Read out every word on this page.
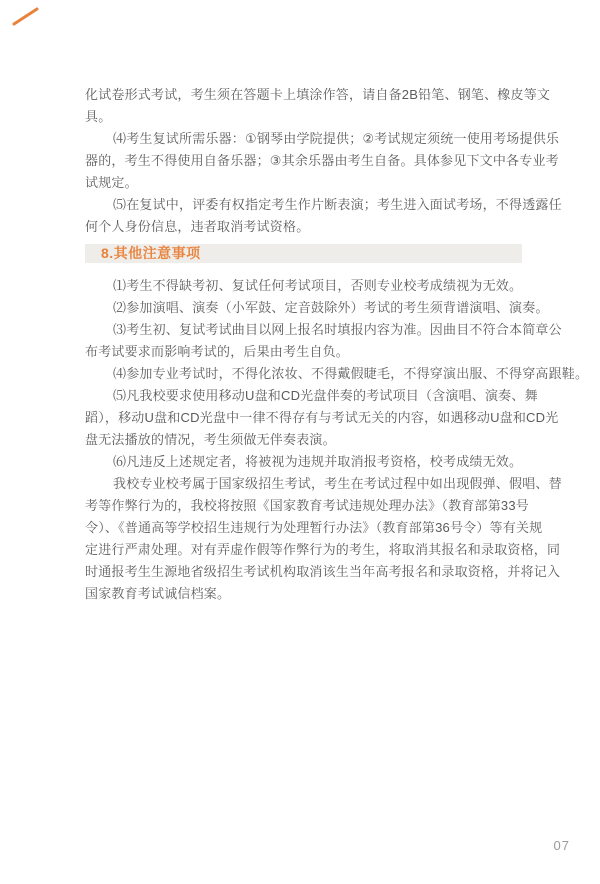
化试卷形式考试，考生须在答题卡上填涂作答，请自备2B铅笔、钢笔、橡皮等文
具。
⑷考生复试所需乐器：①钢琴由学院提供；②考试规定须统一使用考场提供乐
器的，考生不得使用自备乐器；③其余乐器由考生自备。具体参见下文中各专业考
试规定。
⑸在复试中，评委有权指定考生作片断表演；考生进入面试考场，不得透露任
何个人身份信息，违者取消考试资格。
8.其他注意事项
⑴考生不得缺考初、复试任何考试项目，否则专业校考成绩视为无效。
⑵参加演唱、演奏（小军鼓、定音鼓除外）考试的考生须背谱演唱、演奏。
⑶考生初、复试考试曲目以网上报名时填报内容为准。因曲目不符合本简章公
布考试要求而影响考试的，后果由考生自负。
⑷参加专业考试时，不得化浓妆、不得戴假睫毛，不得穿演出服、不得穿高跟鞋。
⑸凡我校要求使用移动U盘和CD光盘伴奏的考试项目（含演唱、演奏、舞
蹈），移动U盘和CD光盘中一律不得存有与考试无关的内容，如遇移动U盘和CD光
盘无法播放的情况，考生须做无伴奏表演。
⑹凡违反上述规定者，将被视为违规并取消报考资格，校考成绩无效。
我校专业校考属于国家级招生考试，考生在考试过程中如出现假弹、假唱、替
考等作弊行为的，我校将按照《国家教育考试违规处理办法》（教育部第33号
令）、《普通高等学校招生违规行为处理暂行办法》（教育部第36号令）等有关规
定进行严肃处理。对有弄虚作假等作弊行为的考生，将取消其报名和录取资格，同
时通报考生生源地省级招生考试机构取消该生当年高考报名和录取资格，并将记入
国家教育考试诚信档案。
07
